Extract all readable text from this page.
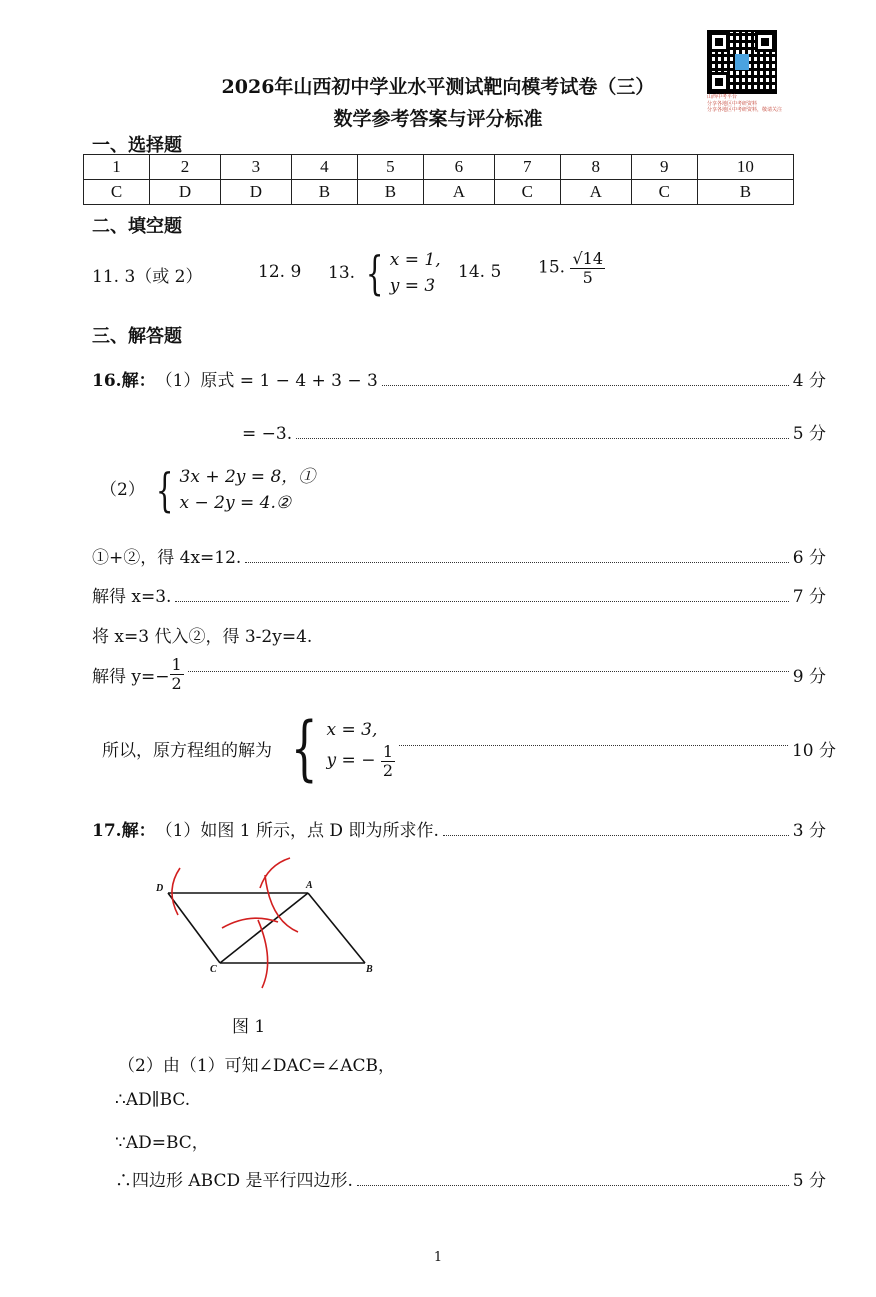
山西中考平台
分享各地区中考研资料
分享各地区中考研资料，敬请关注
2026年山西初中学业水平测试靶向模考试卷（三）
数学参考答案与评分标准
一、选择题
1	2	3	4	5	6	7	8	9	10
C	D	D	B	B	A	C	A	C	B
二、填空题
11. 3（或 2）	12. 9 13. { x = 1,
y = 3
14. 5 15. $\frac{√14}{5}$
三、解答题
16.解： （1）原式 = 1 − 4 + 3 − 3	4 分
= −3.	5 分
（2） { 3x + 2y = 8，①
x − 2y = 4.②
①+②，得 4x=12.	6 分
解得 x=3.	7 分
将 x=3 代入②，得 3-2y=4.
解得 $y=- \frac{1}{2}$	9 分
所以，原方程组的解为 { x = 3,
y = − $\frac{1}{2}$	10 分
17.解： （1）如图 1 所示，点 D 即为所求作.	3 分
D	A
C	B
图 1
（2）由（1）可知∠DAC=∠ACB，
∴AD∥BC.
∵AD=BC，
∴四边形 ABCD 是平行四边形.	5 分
1
